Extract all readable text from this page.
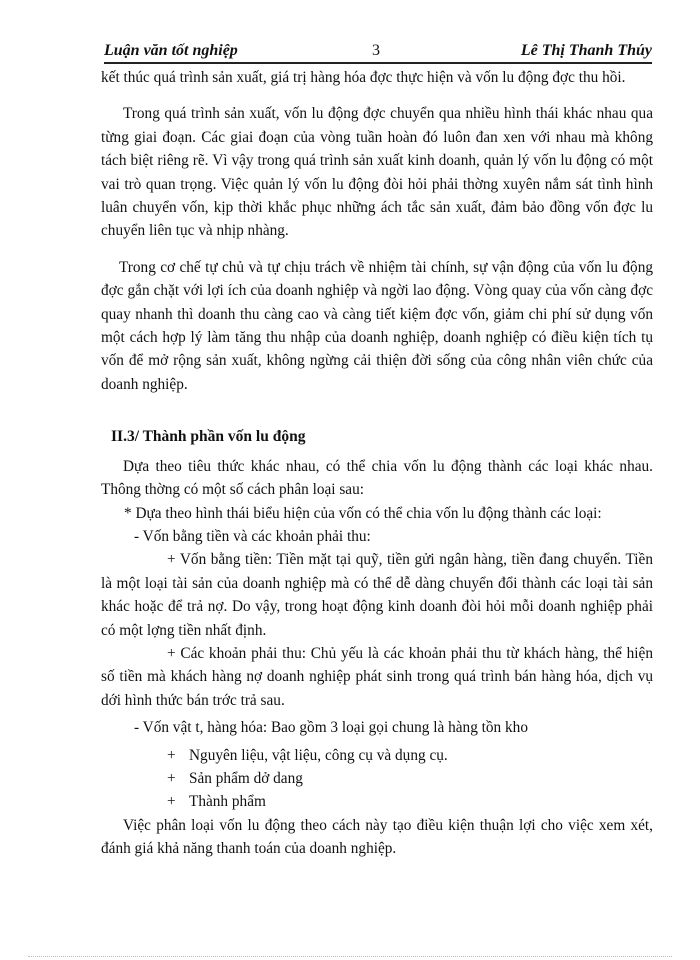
Luận văn tốt nghiệp	3	Lê Thị Thanh Thúy

kết thúc quá trình sản xuất, giá trị hàng hóa đợc thực hiện và vốn lu động đợc thu hồi.

Trong quá trình sản xuất, vốn lu động đợc chuyển qua nhiều hình thái khác nhau qua từng giai đoạn. Các giai đoạn của vòng tuần hoàn đó luôn đan xen với nhau mà không tách biệt riêng rẽ. Vì vậy trong quá trình sản xuất kinh doanh, quản lý vốn lu động có một vai trò quan trọng. Việc quản lý vốn lu động đòi hỏi phải thờng xuyên nắm sát tình hình luân chuyển vốn, kịp thời khắc phục những ách tắc sản xuất, đảm bảo đồng vốn đợc lu chuyển liên tục và nhịp nhàng.

Trong cơ chế tự chủ và tự chịu trách về nhiệm tài chính, sự vận động của vốn lu động đợc gắn chặt với lợi ích của doanh nghiệp và ngời lao động. Vòng quay của vốn càng đợc quay nhanh thì doanh thu càng cao và càng tiết kiệm đợc vốn, giảm chi phí sử dụng vốn một cách hợp lý làm tăng thu nhập của doanh nghiệp, doanh nghiệp có điều kiện tích tụ vốn để mở rộng sản xuất, không ngừng cải thiện đời sống của công nhân viên chức của doanh nghiệp.

II.3/ Thành phần vốn lu động

Dựa theo tiêu thức khác nhau, có thể chia vốn lu động thành các loại khác nhau. Thông thờng có một số cách phân loại sau:

* Dựa theo hình thái biểu hiện của vốn có thể chia vốn lu động thành các loại:

- Vốn bằng tiền và các khoản phải thu:

+ Vốn bằng tiền: Tiền mặt tại quỹ, tiền gửi ngân hàng, tiền đang chuyển. Tiền là một loại tài sản của doanh nghiệp mà có thể dễ dàng chuyển đổi thành các loại tài sản khác hoặc để trả nợ. Do vậy, trong hoạt động kinh doanh đòi hỏi mỗi doanh nghiệp phải có một lợng tiền nhất định.

+ Các khoản phải thu: Chủ yếu là các khoản phải thu từ khách hàng, thể hiện số tiền mà khách hàng nợ doanh nghiệp phát sinh trong quá trình bán hàng hóa, dịch vụ dới hình thức bán trớc trả sau.

- Vốn vật t, hàng hóa: Bao gồm 3 loại gọi chung là hàng tồn kho

+ Nguyên liệu, vật liệu, công cụ và dụng cụ.

+ Sản phẩm dở dang

+ Thành phẩm

Việc phân loại vốn lu động theo cách này tạo điều kiện thuận lợi cho việc xem xét, đánh giá khả năng thanh toán của doanh nghiệp.
